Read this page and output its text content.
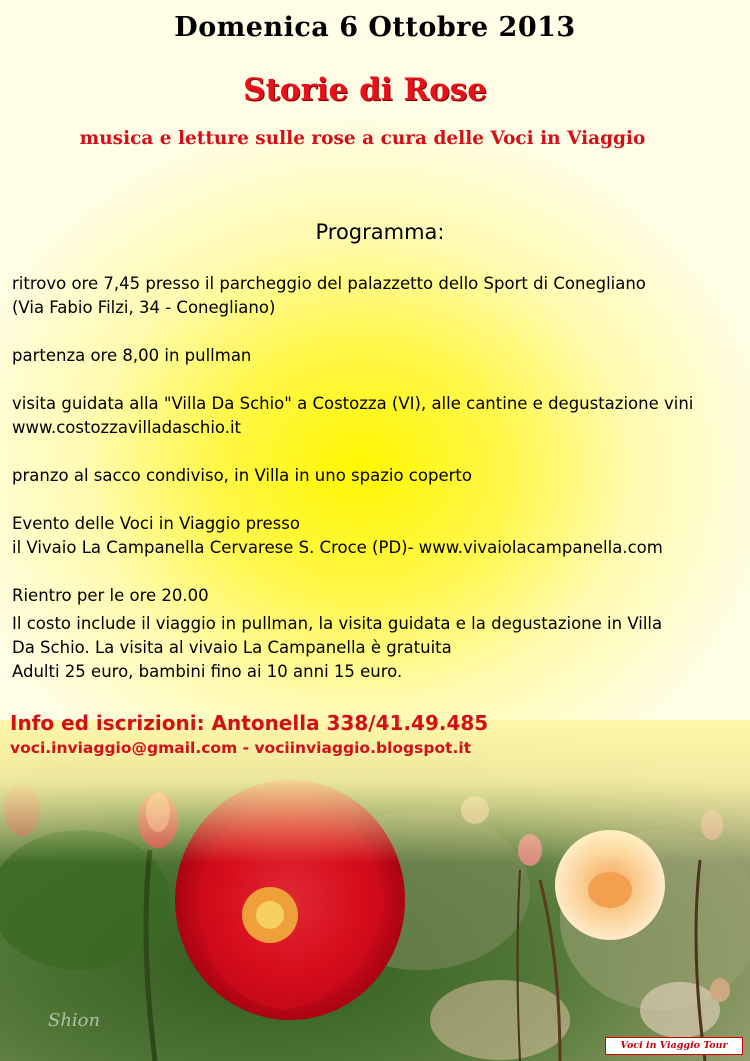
Domenica 6 Ottobre 2013
Storie di Rose
musica e letture sulle rose a cura delle Voci in Viaggio
Programma:

ritrovo ore 7,45 presso il parcheggio del palazzetto dello Sport di Conegliano

(Via Fabio Filzi, 34 - Conegliano)

partenza ore 8,00 in pullman

visita guidata alla "Villa Da Schio" a Costozza (VI), alle cantine e degustazione vini

www.costozzavilladaschio.it

pranzo al sacco condiviso, in Villa in uno spazio coperto

Evento delle Voci in Viaggio presso

il Vivaio La Campanella Cervarese S. Croce (PD)- www.vivaiolacampanella.com

Rientro per le ore 20.00

Il costo include il viaggio in pullman, la visita guidata e la degustazione in Villa

Da Schio. La visita al vivaio La Campanella è gratuita

Adulti 25 euro, bambini fino ai 10 anni 15 euro.

Info ed iscrizioni: Antonella 338/41.49.485
voci.inviaggio@gmail.com - vociinviaggio.blogspot.it
Shion
Voci in Viaggio Tour
